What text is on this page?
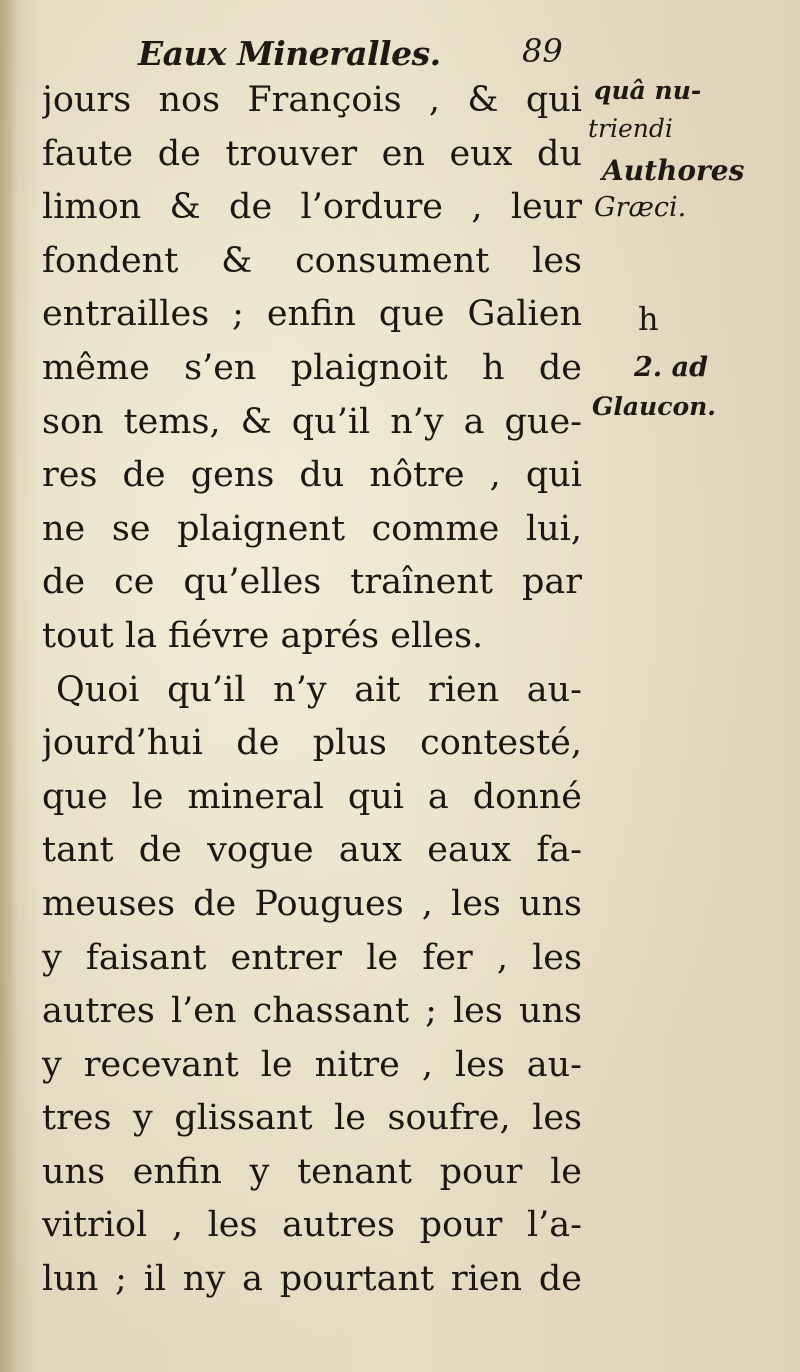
Eaux Mineralles.	89
jours nos François , & qui
faute de trouver en eux du
limon & de l’ordure , leur
fondent & consument les
entrailles ; enfin que Galien
même s’en plaignoit h de
son tems, & qu’il n’y a gue-
res de gens du nôtre , qui
ne se plaignent comme lui,
de ce qu’elles traînent par
tout la fiévre aprés elles.
Quoi qu’il n’y ait rien au-
jourd’hui de plus contesté,
que le mineral qui a donné
tant de vogue aux eaux fa-
meuses de Pougues , les uns
y faisant entrer le fer , les
autres l’en chassant ; les uns
y recevant le nitre , les au-
tres y glissant le soufre, les
uns enfin y tenant pour le
vitriol , les autres pour l’a-
lun ; il ny a pourtant rien de
quâ nu-
triendi
Authores
Græci.
h
2. ad
Glaucon.
